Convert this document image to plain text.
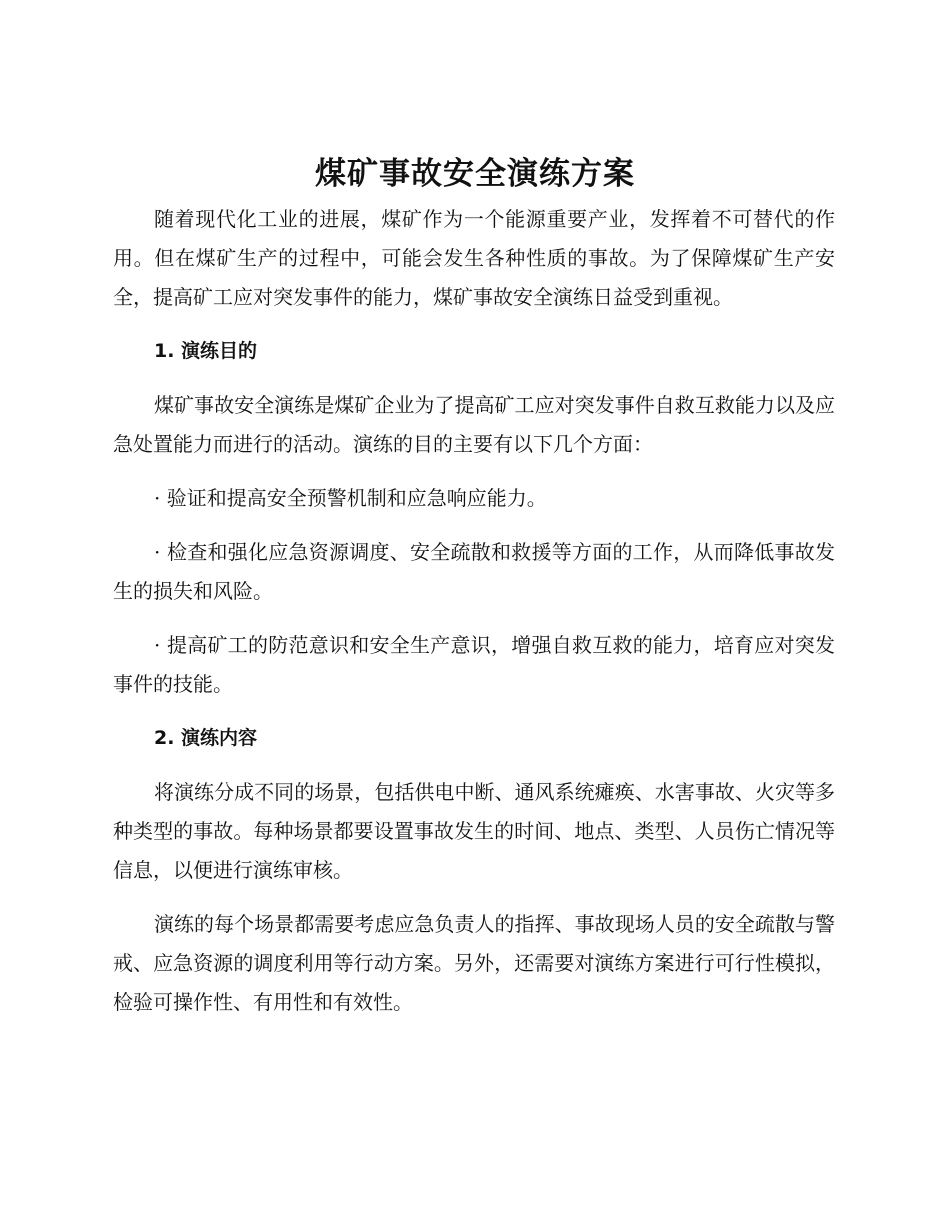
煤矿事故安全演练方案

随着现代化工业的进展，煤矿作为一个能源重要产业，发挥着不可替代的作用。但在煤矿生产的过程中，可能会发生各种性质的事故。为了保障煤矿生产安全，提高矿工应对突发事件的能力，煤矿事故安全演练日益受到重视。

1. 演练目的

煤矿事故安全演练是煤矿企业为了提高矿工应对突发事件自救互救能力以及应急处置能力而进行的活动。演练的目的主要有以下几个方面：

· 验证和提高安全预警机制和应急响应能力。

· 检查和强化应急资源调度、安全疏散和救援等方面的工作，从而降低事故发生的损失和风险。

· 提高矿工的防范意识和安全生产意识，增强自救互救的能力，培育应对突发事件的技能。

2. 演练内容

将演练分成不同的场景，包括供电中断、通风系统瘫痪、水害事故、火灾等多种类型的事故。每种场景都要设置事故发生的时间、地点、类型、人员伤亡情况等信息，以便进行演练审核。

演练的每个场景都需要考虑应急负责人的指挥、事故现场人员的安全疏散与警戒、应急资源的调度利用等行动方案。另外，还需要对演练方案进行可行性模拟，检验可操作性、有用性和有效性。
